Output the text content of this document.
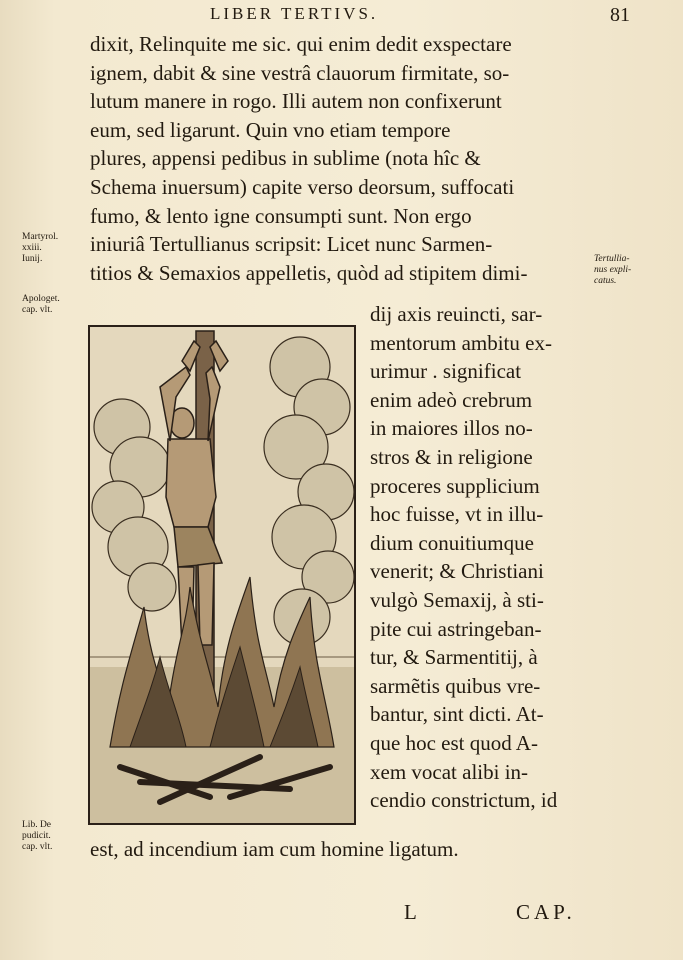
LIBER TERTIVS.	81
dixit, Relinquite me sic. qui enim dedit exspectare
ignem, dabit & sine vestrâ clauorum firmitate, so-
lutum manere in rogo. Illi autem non confixerunt
eum, sed ligarunt. Quin vno etiam tempore
plures, appensi pedibus in sublime (nota hîc &
Schema inuersum) capite verso deorsum, suffocati
fumo, & lento igne consumpti sunt. Non ergo
iniuriâ Tertullianus scripsit: Licet nunc Sarmen-
titios & Semaxios appelletis, quòd ad stipitem dimi-
dij axis reuincti, sar-
mentorum ambitu ex-
urimur . significat
enim adeò crebrum
in maiores illos no-
stros & in religione
proceres supplicium
hoc fuisse, vt in illu-
dium conuitiumque
venerit; & Christiani
vulgò Semaxij, à sti-
pite cui astringeban-
tur, & Sarmentitij, à
sarmẽtis quibus vre-
bantur, sint dicti. At-
que hoc est quod A-
xem vocat alibi in-
cendio constrictum, id
est, ad incendium iam cum homine ligatum.
Martyrol.
xxiii.
Iunij.
Apologet.
cap. vlt.
Lib. De
pudicit.
cap. vlt.
Tertullia-
nus expli-
catus.
L	CAP.
